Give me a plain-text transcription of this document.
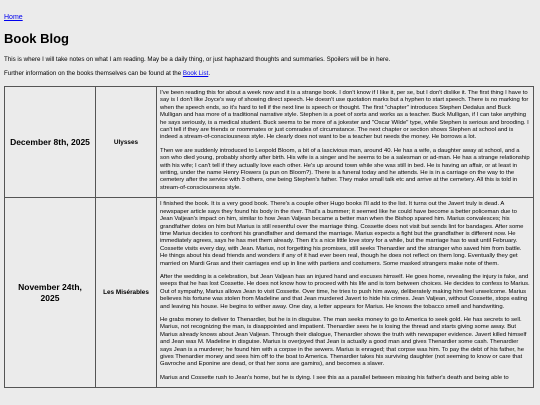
Home
Book Blog

This is where I will take notes on what I am reading. May be a daily thing, or just haphazard thoughts and summaries. Spoilers will be in here.

Further information on the books themselves can be found at the Book List.

December 8th, 2025	Ulysses	I've been reading this for about a week now and it is a strange book. I don't know if I like it, per se, but I don't dislike it. The first thing I have to say is I don't like Joyce's way of showing direct speech. He doesn't use quotation marks but a hyphen to start speech. There is no marking for when the speech ends, so it's hard to tell if the next line is speech or thought. The first "chapter" introduces Stephen Dedalus and Buck Mulligan and has more of a traditional narrative style. Stephen is a poet of sorts and works as a teacher. Buck Mulligan, if I can take anything he says seriously, is a medical student. Buck seems to be more of a jokester and "Oscar Wilde" type, while Stephen is serious and brooding. I can't tell if they are friends or roommates or just comrades of circumstance. The next chapter or section shows Stephen at school and is indeed a stream-of-consciousness style. He clearly does not want to be a teacher but needs the money. He borrows a lot.

Then we are suddenly introduced to Leopold Bloom, a bit of a lascivious man, around 40. He has a wife, a daughter away at school, and a son who died young, probably shortly after birth. His wife is a singer and he seems to be a salesman or ad-man. He has a strange relationship with his wife; I can't tell if they actually love each other. He's up around town while she was still in bed. He is having an affair, or at least in writing, under the name Henry Flowers (a pun on Bloom?). There is a funeral today and he attends. He is in a carriage on the way to the cemetery after the service with 3 others, one being Stephen's father. They make small talk etc and arrive at the cemetery. All this is told in stream-of-consciousness style.

November 24th, 2025	Les Misérables	I finished the book. It is a very good book. There's a couple other Hugo books I'll add to the list. It turns out the Javert truly is dead. A newspaper article says they found his body in the river. That's a bummer; it seemed like he could have become a better policeman due to Jean Valjean's impact on him, similar to how Jean Valjean became a better man when the Bishop spared him. Marius convalesces; his grandfather dotes on him but Marius is still resentful over the marriage thing. Cossette does not visit but sends lint for bandages. After some time Marius decides to confront his grandfather and demand the marriage. Marius expects a fight but the grandfather is different now. He immediately agrees, says he has met them already. Then it's a nice little love story for a while, but the marriage has to wait until February. Cossette visits every day, with Jean. Marius, not forgetting his promises, still seeks Thenardier and the stranger who saved him from battle. He things about his dead friends and wonders if any of it had ever been real, though he does not reflect on them long. Eventually they get married on Mardi Gras and their carriages end up in line with partiers and costumers. Some masked strangers make note of them.

After the wedding is a celebration, but Jean Valjean has an injured hand and excuses himself. He goes home, revealing the injury is fake, and weeps that he has lost Cossette. He does not know how to proceed with his life and is torn between choices. He decides to confess to Marius. Out of sympathy, Marius allows Jean to visit Cossette. Over time, he tries to push him away, deliberately making him feel unwelcome. Marius believes his fortune was stolen from Madeline and that Jean murdered Javert to hide his crimes. Jean Valjean, without Cossette, stops eating and leaving his house. He begins to wither away. One day, a letter appears for Marius. He knows the tobacco smell and handwriting.

He grabs money to deliver to Thenardier, but he is in disguise. The man seeks money to go to America to seek gold. He has secrets to sell. Marius, not recognizing the man, is disappointed and impatient. Thenardier sees he is losing the thread and starts giving some away. But Marius already knows about Jean Valjean. Through their dialogue, Thenardier shows the truth with newspaper evidence. Javert killed himself and Jean was M. Madeline in disguise. Marius is overjoyed that Jean is actually a good man and gives Thenardier some cash. Thenardier says Jean is a murderer; he found him with a corpse in the sewers. Marius is enraged; that corpse was him. To pay the debt of his father, he gives Thenardier money and sees him off to the boat to America. Thenardier takes his surviving daughter (not seeming to know or care that Gavroche and Eponine are dead, or that her sons are gamins), and becomes a slaver.

Marius and Cossette rush to Jean's home, but he is dying. I see this as a parallel between missing his father's death and being able to
